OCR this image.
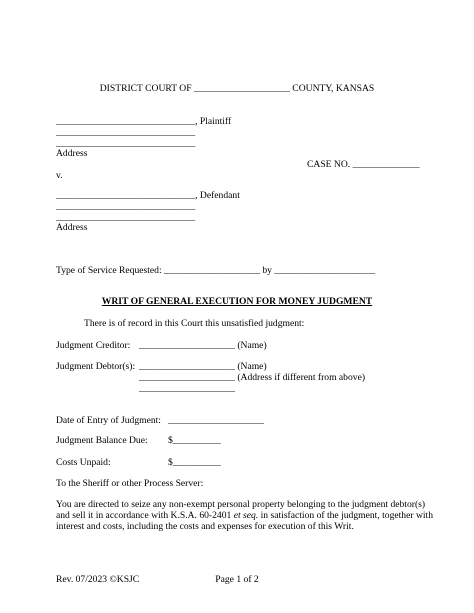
DISTRICT COURT OF ____________________ COUNTY, KANSAS
_____________________________, Plaintiff
_____________________________
_____________________________
Address
CASE NO. ______________
v.
_____________________________, Defendant
_____________________________
_____________________________
Address
Type of Service Requested: ____________________ by _____________________
WRIT OF GENERAL EXECUTION FOR MONEY JUDGMENT
There is of record in this Court this unsatisfied judgment:
Judgment Creditor: ____________________ (Name)
Judgment Debtor(s): ____________________ (Name)
____________________ (Address if different from above)
____________________
Date of Entry of Judgment: ____________________
Judgment Balance Due: $__________
Costs Unpaid:	$__________
To the Sheriff or other Process Server:
You are directed to seize any non-exempt personal property belonging to the judgment debtor(s)
and sell it in accordance with K.S.A. 60-2401 et seq. in satisfaction of the judgment, together with
interest and costs, including the costs and expenses for execution of this Writ.
Rev. 07/2023 ©KSJC	Page 1 of 2
